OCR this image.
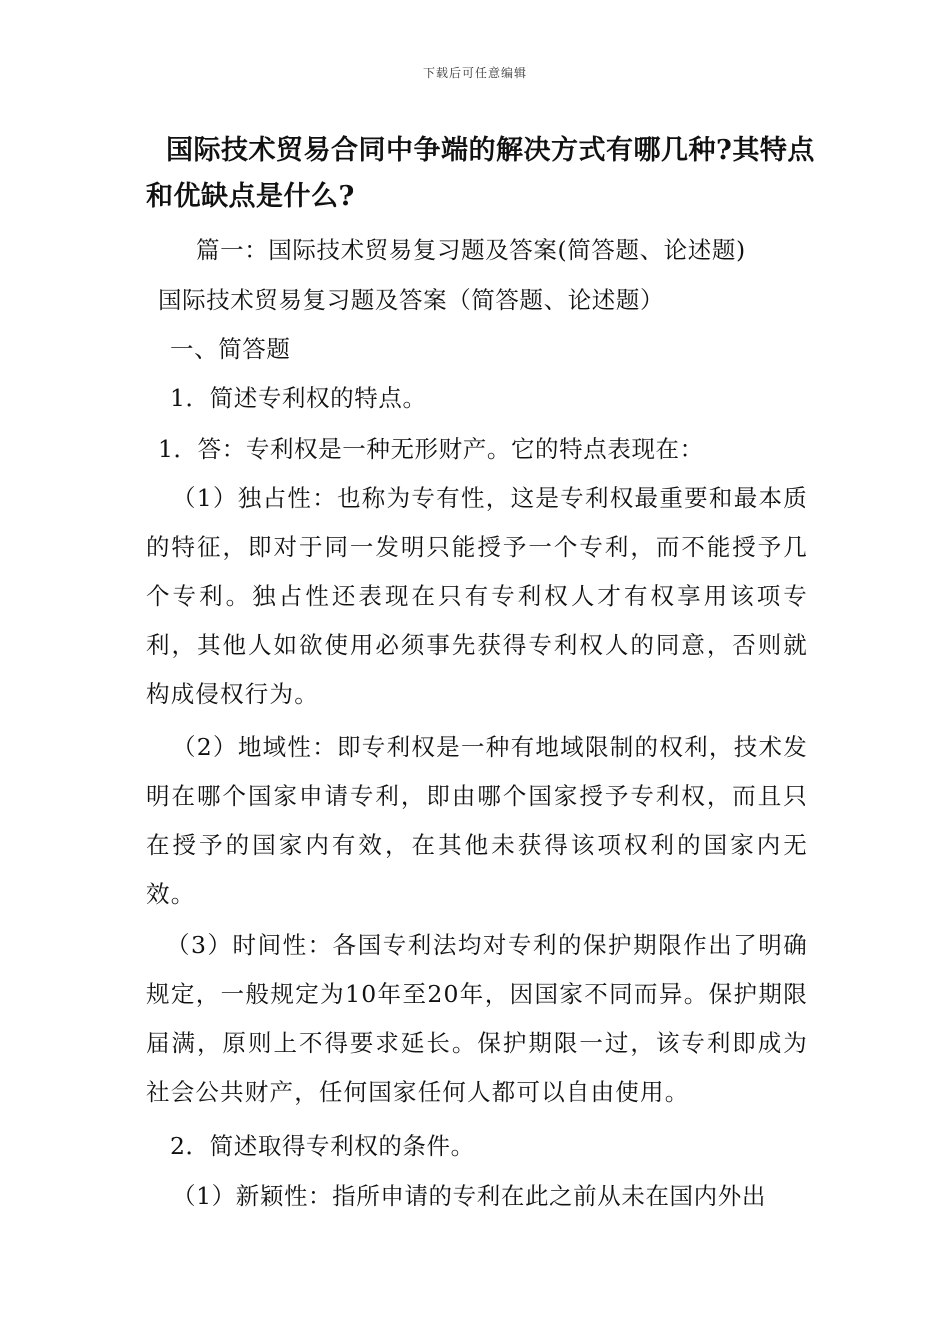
下载后可任意编辑
国际技术贸易合同中争端的解决方式有哪几种?其特点和优缺点是什么?
篇一：国际技术贸易复习题及答案(简答题、论述题)
国际技术贸易复习题及答案（简答题、论述题）
一、简答题
1．简述专利权的特点。
1．答：专利权是一种无形财产。它的特点表现在：
（1）独占性：也称为专有性，这是专利权最重要和最本质的特征，即对于同一发明只能授予一个专利，而不能授予几个专利。独占性还表现在只有专利权人才有权享用该项专利，其他人如欲使用必须事先获得专利权人的同意，否则就构成侵权行为。
（2）地域性：即专利权是一种有地域限制的权利，技术发明在哪个国家申请专利，即由哪个国家授予专利权，而且只在授予的国家内有效，在其他未获得该项权利的国家内无效。
（3）时间性：各国专利法均对专利的保护期限作出了明确规定，一般规定为10年至20年，因国家不同而异。保护期限届满，原则上不得要求延长。保护期限一过，该专利即成为社会公共财产，任何国家任何人都可以自由使用。
2．简述取得专利权的条件。
（1）新颖性：指所申请的专利在此之前从未在国内外出
